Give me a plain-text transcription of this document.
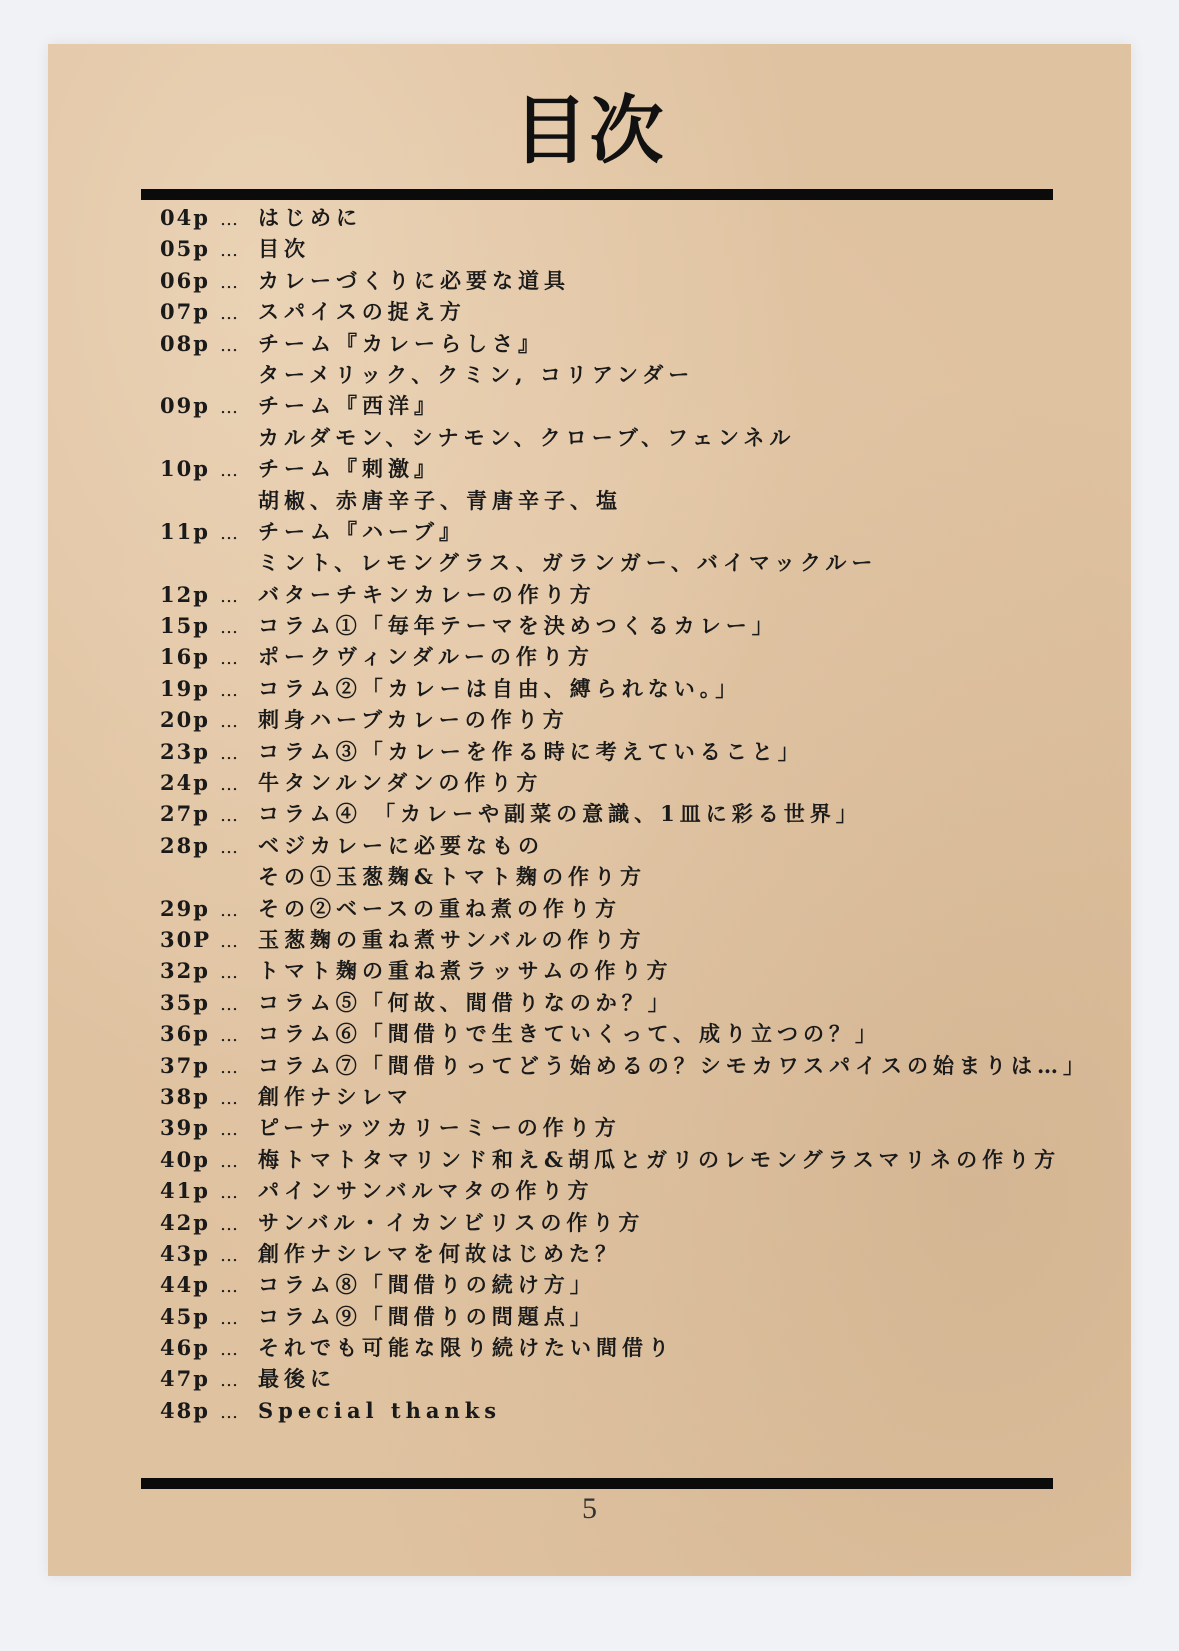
目次
04p … はじめに
05p … 目次
06p … カレーづくりに必要な道具
07p … スパイスの捉え方
08p … チーム『カレーらしさ』
ターメリック、クミン, コリアンダー
09p … チーム『西洋』
カルダモン、シナモン、クローブ、フェンネル
10p … チーム『刺激』
胡椒、赤唐辛子、青唐辛子、塩
11p … チーム『ハーブ』
ミント、レモングラス、ガランガー、バイマックルー
12p … バターチキンカレーの作り方
15p … コラム①「毎年テーマを決めつくるカレー」
16p … ポークヴィンダルーの作り方
19p … コラム②「カレーは自由、縛られない。」
20p … 刺身ハーブカレーの作り方
23p … コラム③「カレーを作る時に考えていること」
24p … 牛タンルンダンの作り方
27p … コラム④ 「カレーや副菜の意識、1皿に彩る世界」
28p … ベジカレーに必要なもの
その①玉葱麹&トマト麹の作り方
29p … その②ベースの重ね煮の作り方
30P … 玉葱麹の重ね煮サンバルの作り方
32p … トマト麹の重ね煮ラッサムの作り方
35p … コラム⑤「何故、間借りなのか？」
36p … コラム⑥「間借りで生きていくって、成り立つの？」
37p … コラム⑦「間借りってどう始めるの？シモカワスパイスの始まりは…」
38p … 創作ナシレマ
39p … ピーナッツカリーミーの作り方
40p … 梅トマトタマリンド和え&胡瓜とガリのレモングラスマリネの作り方
41p … パインサンバルマタの作り方
42p … サンバル・イカンビリスの作り方
43p … 創作ナシレマを何故はじめた？
44p … コラム⑧「間借りの続け方」
45p … コラム⑨「間借りの問題点」
46p … それでも可能な限り続けたい間借り
47p … 最後に
48p … Special thanks
5
